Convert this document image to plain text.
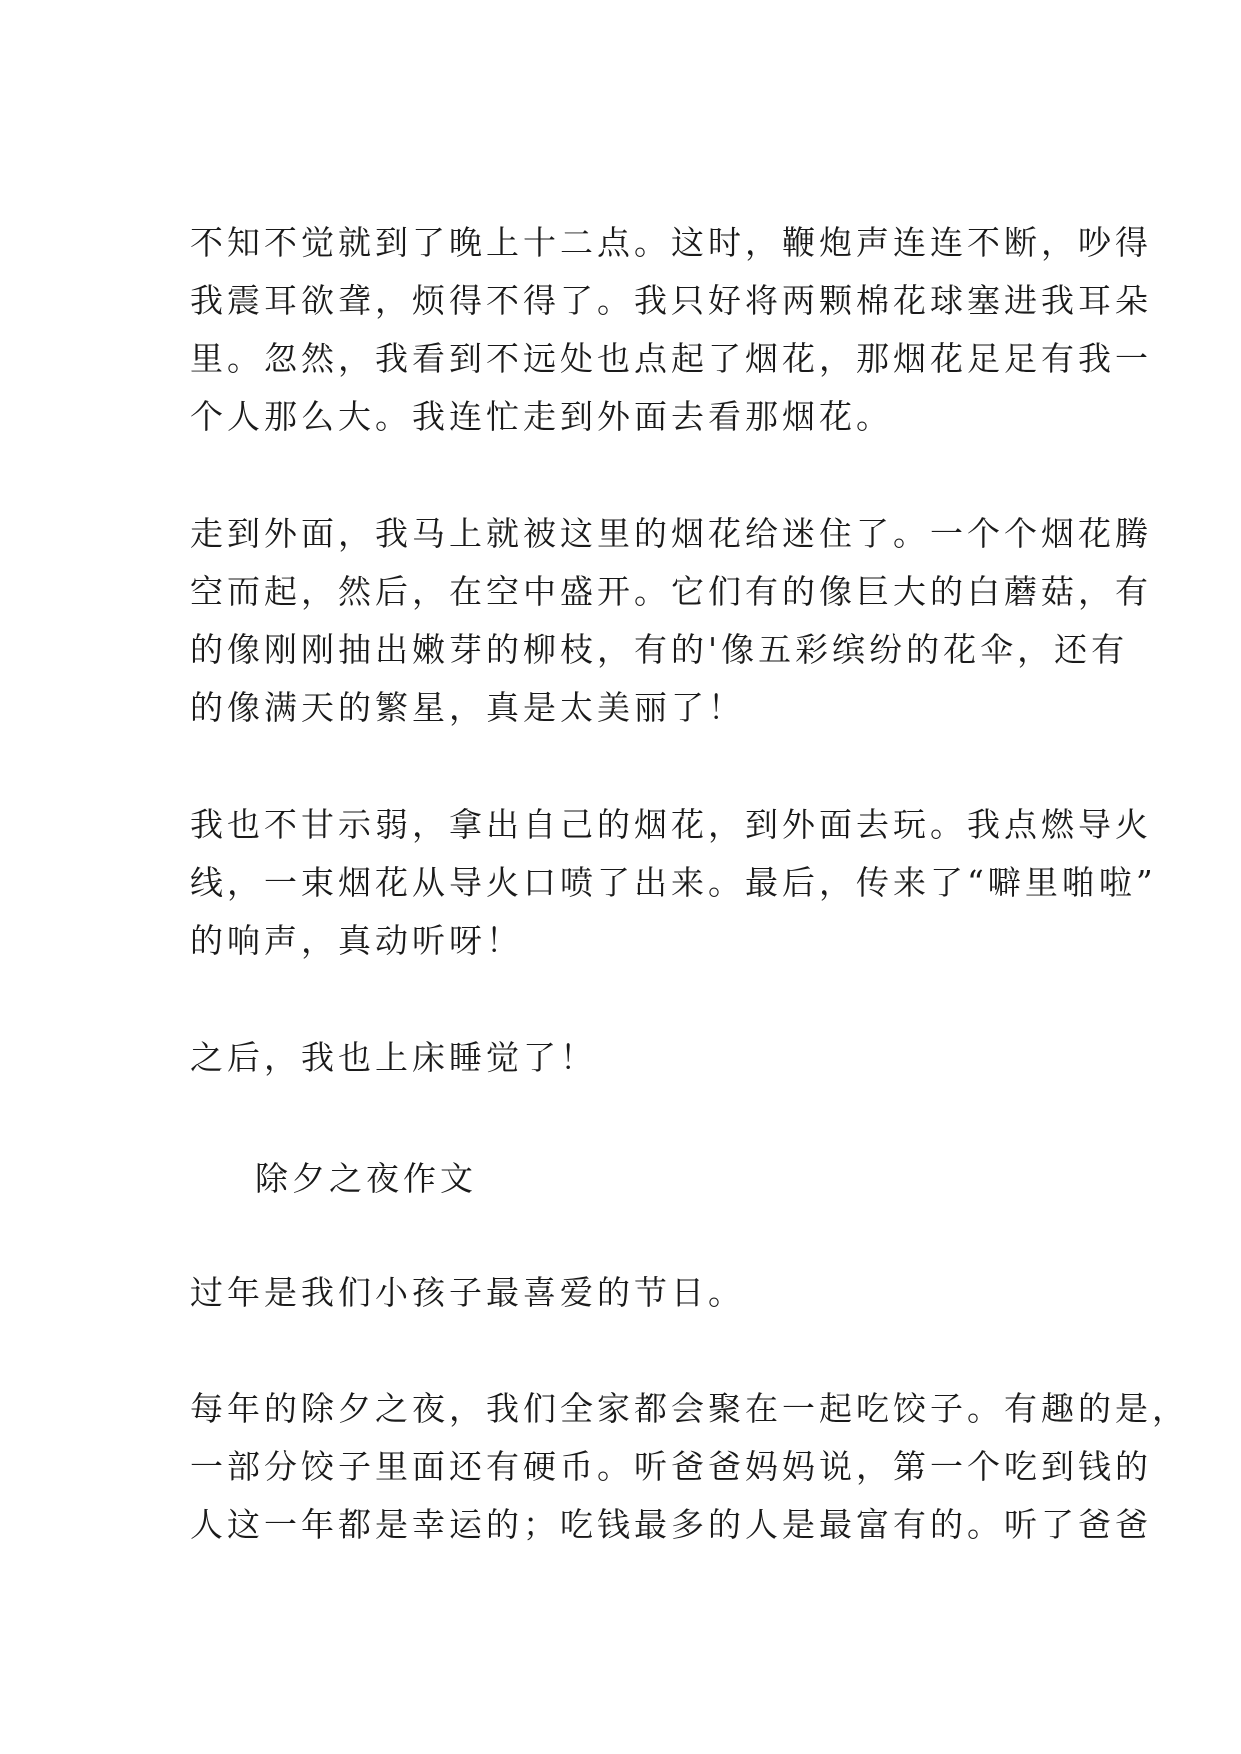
不知不觉就到了晚上十二点。这时，鞭炮声连连不断，吵得
我震耳欲聋，烦得不得了。我只好将两颗棉花球塞进我耳朵
里。忽然，我看到不远处也点起了烟花，那烟花足足有我一
个人那么大。我连忙走到外面去看那烟花。

走到外面，我马上就被这里的烟花给迷住了。一个个烟花腾
空而起，然后，在空中盛开。它们有的像巨大的白蘑菇，有
的像刚刚抽出嫩芽的柳枝，有的'像五彩缤纷的花伞，还有
的像满天的繁星，真是太美丽了！

我也不甘示弱，拿出自己的烟花，到外面去玩。我点燃导火
线，一束烟花从导火口喷了出来。最后，传来了“噼里啪啦”
的响声，真动听呀！

之后，我也上床睡觉了！

除夕之夜作文

过年是我们小孩子最喜爱的节日。

每年的除夕之夜，我们全家都会聚在一起吃饺子。有趣的是，
一部分饺子里面还有硬币。听爸爸妈妈说，第一个吃到钱的
人这一年都是幸运的；吃钱最多的人是最富有的。听了爸爸
